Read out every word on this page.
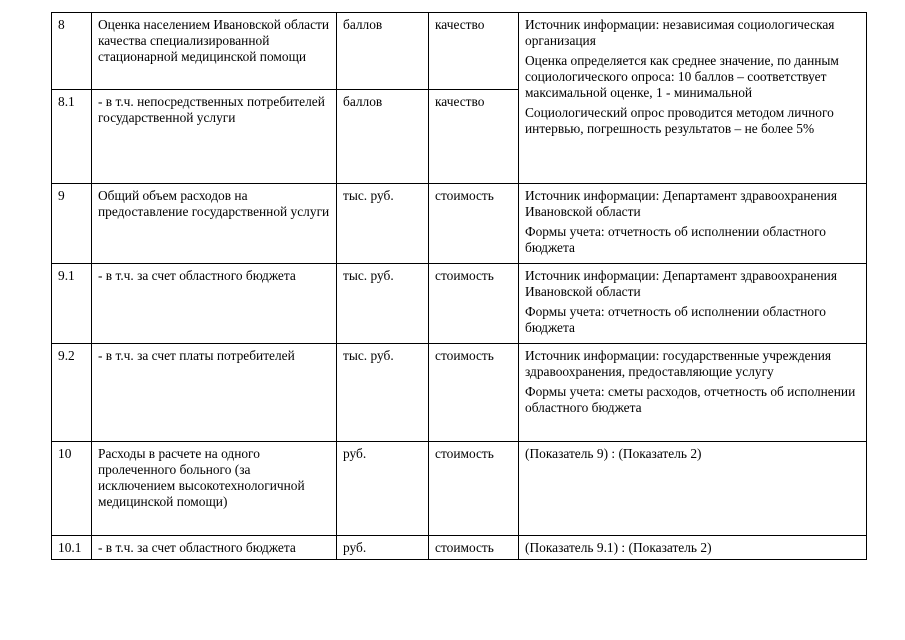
8	Оценка населением Ивановской области качества специализированной стационарной медицинской помощи	баллов	качество	Источник информации: независимая социологическая организация

Оценка определяется как среднее значение, по данным социологического опроса: 10 баллов – соответствует максимальной оценке, 1 - минимальной

Социологический опрос проводится методом личного интервью, погрешность результатов – не более 5%

8.1	- в т.ч. непосредственных потребителей государственной услуги	баллов	качество	
9	Общий объем расходов на предоставление государственной услуги	тыс. руб.	стоимость	Источник информации: Департамент здравоохранения Ивановской области

Формы учета: отчетность об исполнении областного бюджета

9.1	- в т.ч. за счет областного бюджета	тыс. руб.	стоимость	Источник информации: Департамент здравоохранения Ивановской области

Формы учета: отчетность об исполнении областного бюджета

9.2	- в т.ч. за счет платы потребителей	тыс. руб.	стоимость	Источник информации: государственные учреждения здравоохранения, предоставляющие услугу

Формы учета: сметы расходов, отчетность об исполнении областного бюджета

10	Расходы в расчете на одного пролеченного больного (за исключением высокотехнологичной медицинской помощи)	руб.	стоимость	(Показатель 9) : (Показатель 2)

10.1	- в т.ч. за счет областного бюджета	руб.	стоимость	(Показатель 9.1) : (Показатель 2)
